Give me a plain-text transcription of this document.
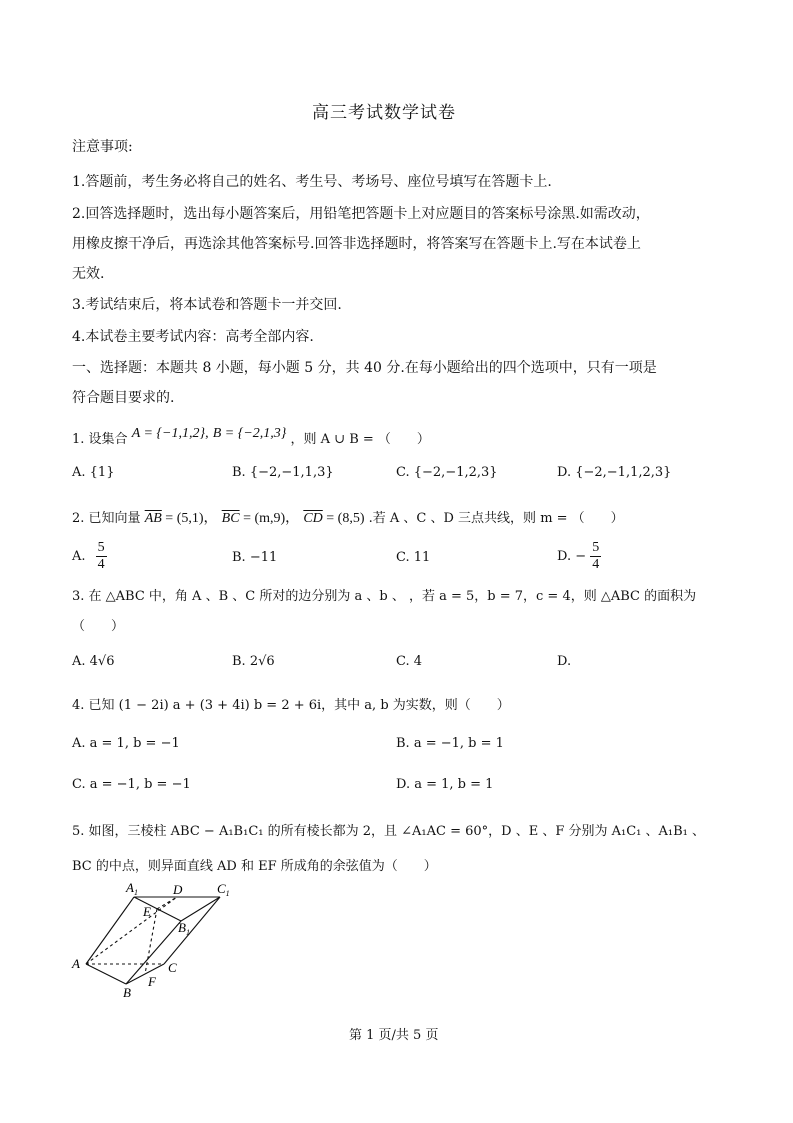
高三考试数学试卷
注意事项:
1.答题前，考生务必将自己的姓名、考生号、考场号、座位号填写在答题卡上.
2.回答选择题时，选出每小题答案后，用铅笔把答题卡上对应题目的答案标号涂黑.如需改动，
用橡皮擦干净后，再选涂其他答案标号.回答非选择题时，将答案写在答题卡上.写在本试卷上
无效.
3.考试结束后，将本试卷和答题卡一并交回.
4.本试卷主要考试内容：高考全部内容.
一、选择题：本题共 8 小题，每小题 5 分，共 40 分.在每小题给出的四个选项中，只有一项是
符合题目要求的.
1. 设集合 A = {−1,1,2}, B = {−2,1,3} ，则 A ∪ B = （　　）
A. {1}	B. {−2,−1,1,3}	C. {−2,−1,2,3}	D. {−2,−1,1,2,3}
2. 已知向量 $\overline{AB} = (5,1)$， $\overline{BC} = (m,9)$， $\overline{CD} = (8,5)$ .若 A 、C 、D 三点共线，则 m = （　　）
A. $\frac{5}{4}$	B. −11	C. 11	D. − $\frac{5}{4}$
3. 在 △ABC 中，角 A 、B 、C 所对的边分别为 a 、b 、 ，若 a = 5，b = 7，c = 4，则 △ABC 的面积为
（　　）
A. 4√6	B. 2√6	C. 4	D.
4. 已知 (1 − 2i) a + (3 + 4i) b = 2 + 6i，其中 a, b 为实数，则（　　）
A. a = 1, b = −1	B. a = −1, b = 1
C. a = −1, b = −1	D. a = 1, b = 1
5. 如图，三棱柱 ABC − A₁B₁C₁ 的所有棱长都为 2，且 ∠A₁AC = 60°，D 、E 、F 分别为 A₁C₁ 、A₁B₁ 、
BC 的中点，则异面直线 AD 和 EF 所成角的余弦值为（　　）
$A_1$	D	$C_1$
E
$B_1$
A	C
F
B
第 1 页/共 5 页
